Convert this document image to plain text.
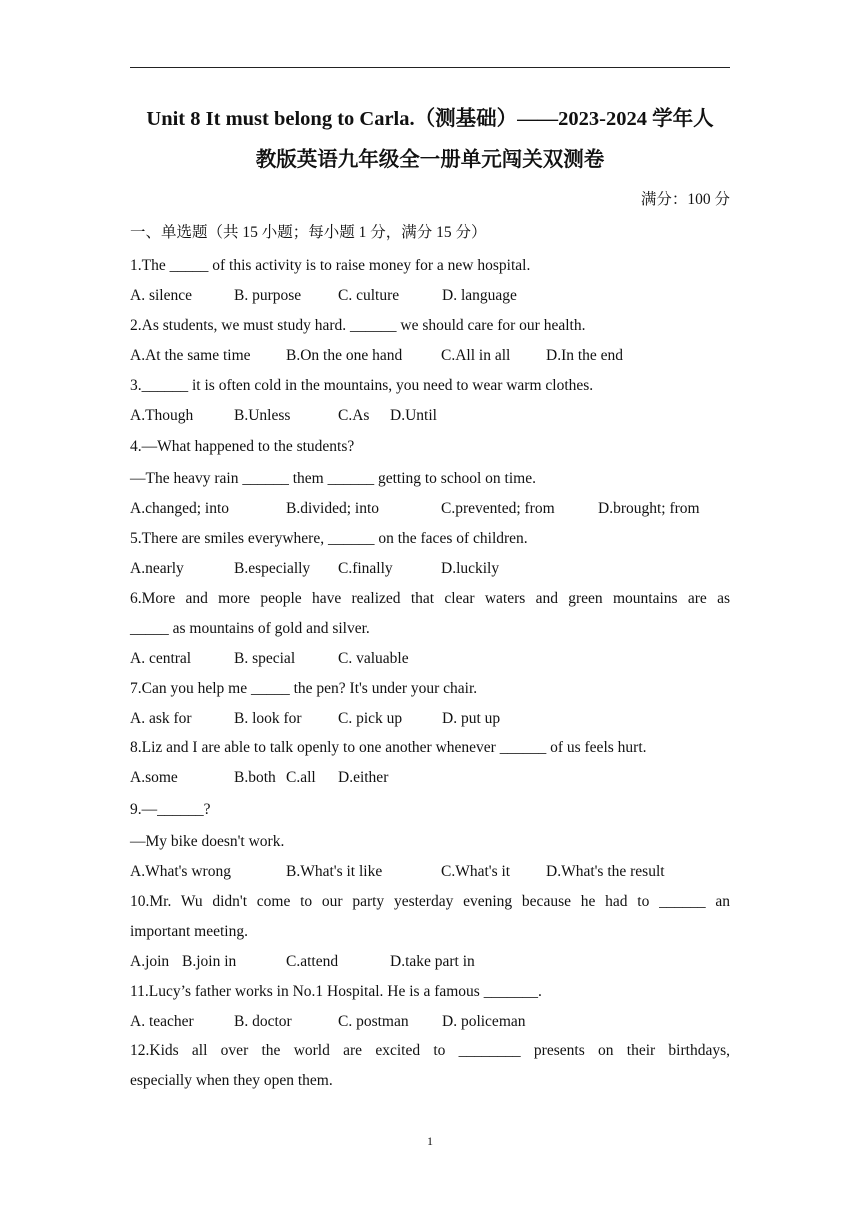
Unit 8 It must belong to Carla.（测基础）——2023-2024 学年人
教版英语九年级全一册单元闯关双测卷
满分：100 分
一、单选题（共 15 小题；每小题 1 分，满分 15 分）
1.The _____ of this activity is to raise money for a new hospital.
A. silence	B. purpose C. culture	D. language
2.As students, we must study hard. ______ we should care for our health.
A.At the same time B.On the one hand	C.All in all D.In the end
3.______ it is often cold in the mountains, you need to wear warm clothes.
A.Though	B.Unless	C.As D.Until
4.—What happened to the students?
—The heavy rain ______ them ______ getting to school on time.
A.changed; into	B.divided; into	C.prevented; from	D.brought; from
5.There are smiles everywhere, ______ on the faces of children.
A.nearly	B.especially C.finally	D.luckily
6.More and more people have realized that clear waters and green mountains are as
_____ as mountains of gold and silver.
A. central	B. special	C. valuable
7.Can you help me _____ the pen? It's under your chair.
A. ask for	B. look for C. pick up	D. put up
8.Liz and I are able to talk openly to one another whenever ______ of us feels hurt.
A.some	B.both C.all D.either
9.—______?
—My bike doesn't work.
A.What's wrong	B.What's it like	C.What's it D.What's the result
10.Mr. Wu didn't come to our party yesterday evening because he had to ______ an
important meeting.
A.join B.join in	C.attend	D.take part in
11.Lucy’s father works in No.1 Hospital. He is a famous _______.
A. teacher	B. doctor	C. postman D. policeman
12.Kids all over the world are excited to ________ presents on their birthdays,
especially when they open them.
1
